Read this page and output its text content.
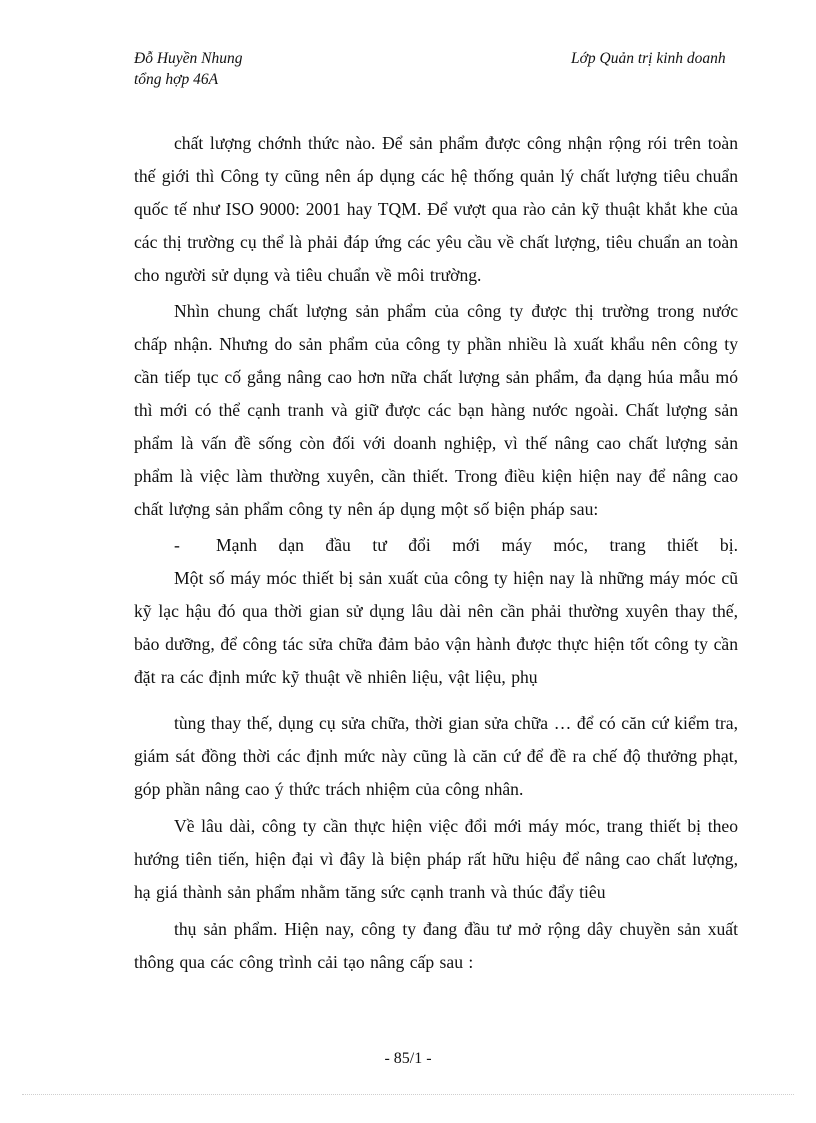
Đỗ Huyền Nhung
tổng hợp 46A
Lớp Quản trị kinh doanh

chất lượng chớnh thức nào. Để sản phẩm được công nhận rộng rói trên toàn thế giới thì Công ty cũng nên áp dụng các hệ thống quản lý chất lượng tiêu chuẩn quốc tế như ISO 9000: 2001 hay TQM. Để vượt qua rào cản kỹ thuật khắt khe của các thị trường cụ thể là phải đáp ứng các yêu cầu về chất lượng, tiêu chuẩn an toàn cho người sử dụng và tiêu chuẩn về môi trường.

Nhìn chung chất lượng sản phẩm của công ty được thị trường trong nước chấp nhận. Nhưng do sản phẩm của công ty phần nhiều là xuất khẩu nên công ty cần tiếp tục cố gắng nâng cao hơn nữa chất lượng sản phẩm, đa dạng húa mẫu mó thì mới có thể cạnh tranh và giữ được các bạn hàng nước ngoài. Chất lượng sản phẩm là vấn đề sống còn đối với doanh nghiệp, vì thế nâng cao chất lượng sản phẩm là việc làm thường xuyên, cần thiết. Trong điều kiện hiện nay để nâng cao chất lượng sản phẩm công ty nên áp dụng một số biện pháp sau:

- Mạnh dạn đầu tư đổi mới máy móc, trang thiết bị.

Một số máy móc thiết bị sản xuất của công ty hiện nay là những máy móc cũ kỹ lạc hậu đó qua thời gian sử dụng lâu dài nên cần phải thường xuyên thay thế, bảo dưỡng, để công tác sửa chữa đảm bảo vận hành được thực hiện tốt công ty cần đặt ra các định mức kỹ thuật về nhiên liệu, vật liệu, phụ

tùng thay thế, dụng cụ sửa chữa, thời gian sửa chữa … để có căn cứ kiểm tra, giám sát đồng thời các định mức này cũng là căn cứ để đề ra chế độ thưởng phạt, góp phần nâng cao ý thức trách nhiệm của công nhân.

Về lâu dài, công ty cần thực hiện việc đổi mới máy móc, trang thiết bị theo hướng tiên tiến, hiện đại vì đây là biện pháp rất hữu hiệu để nâng cao chất lượng, hạ giá thành sản phẩm nhằm tăng sức cạnh tranh và thúc đẩy tiêu

thụ sản phẩm. Hiện nay, công ty đang đầu tư mở rộng dây chuyền sản xuất thông qua các công trình cải tạo nâng cấp sau :

- 85/1 -
